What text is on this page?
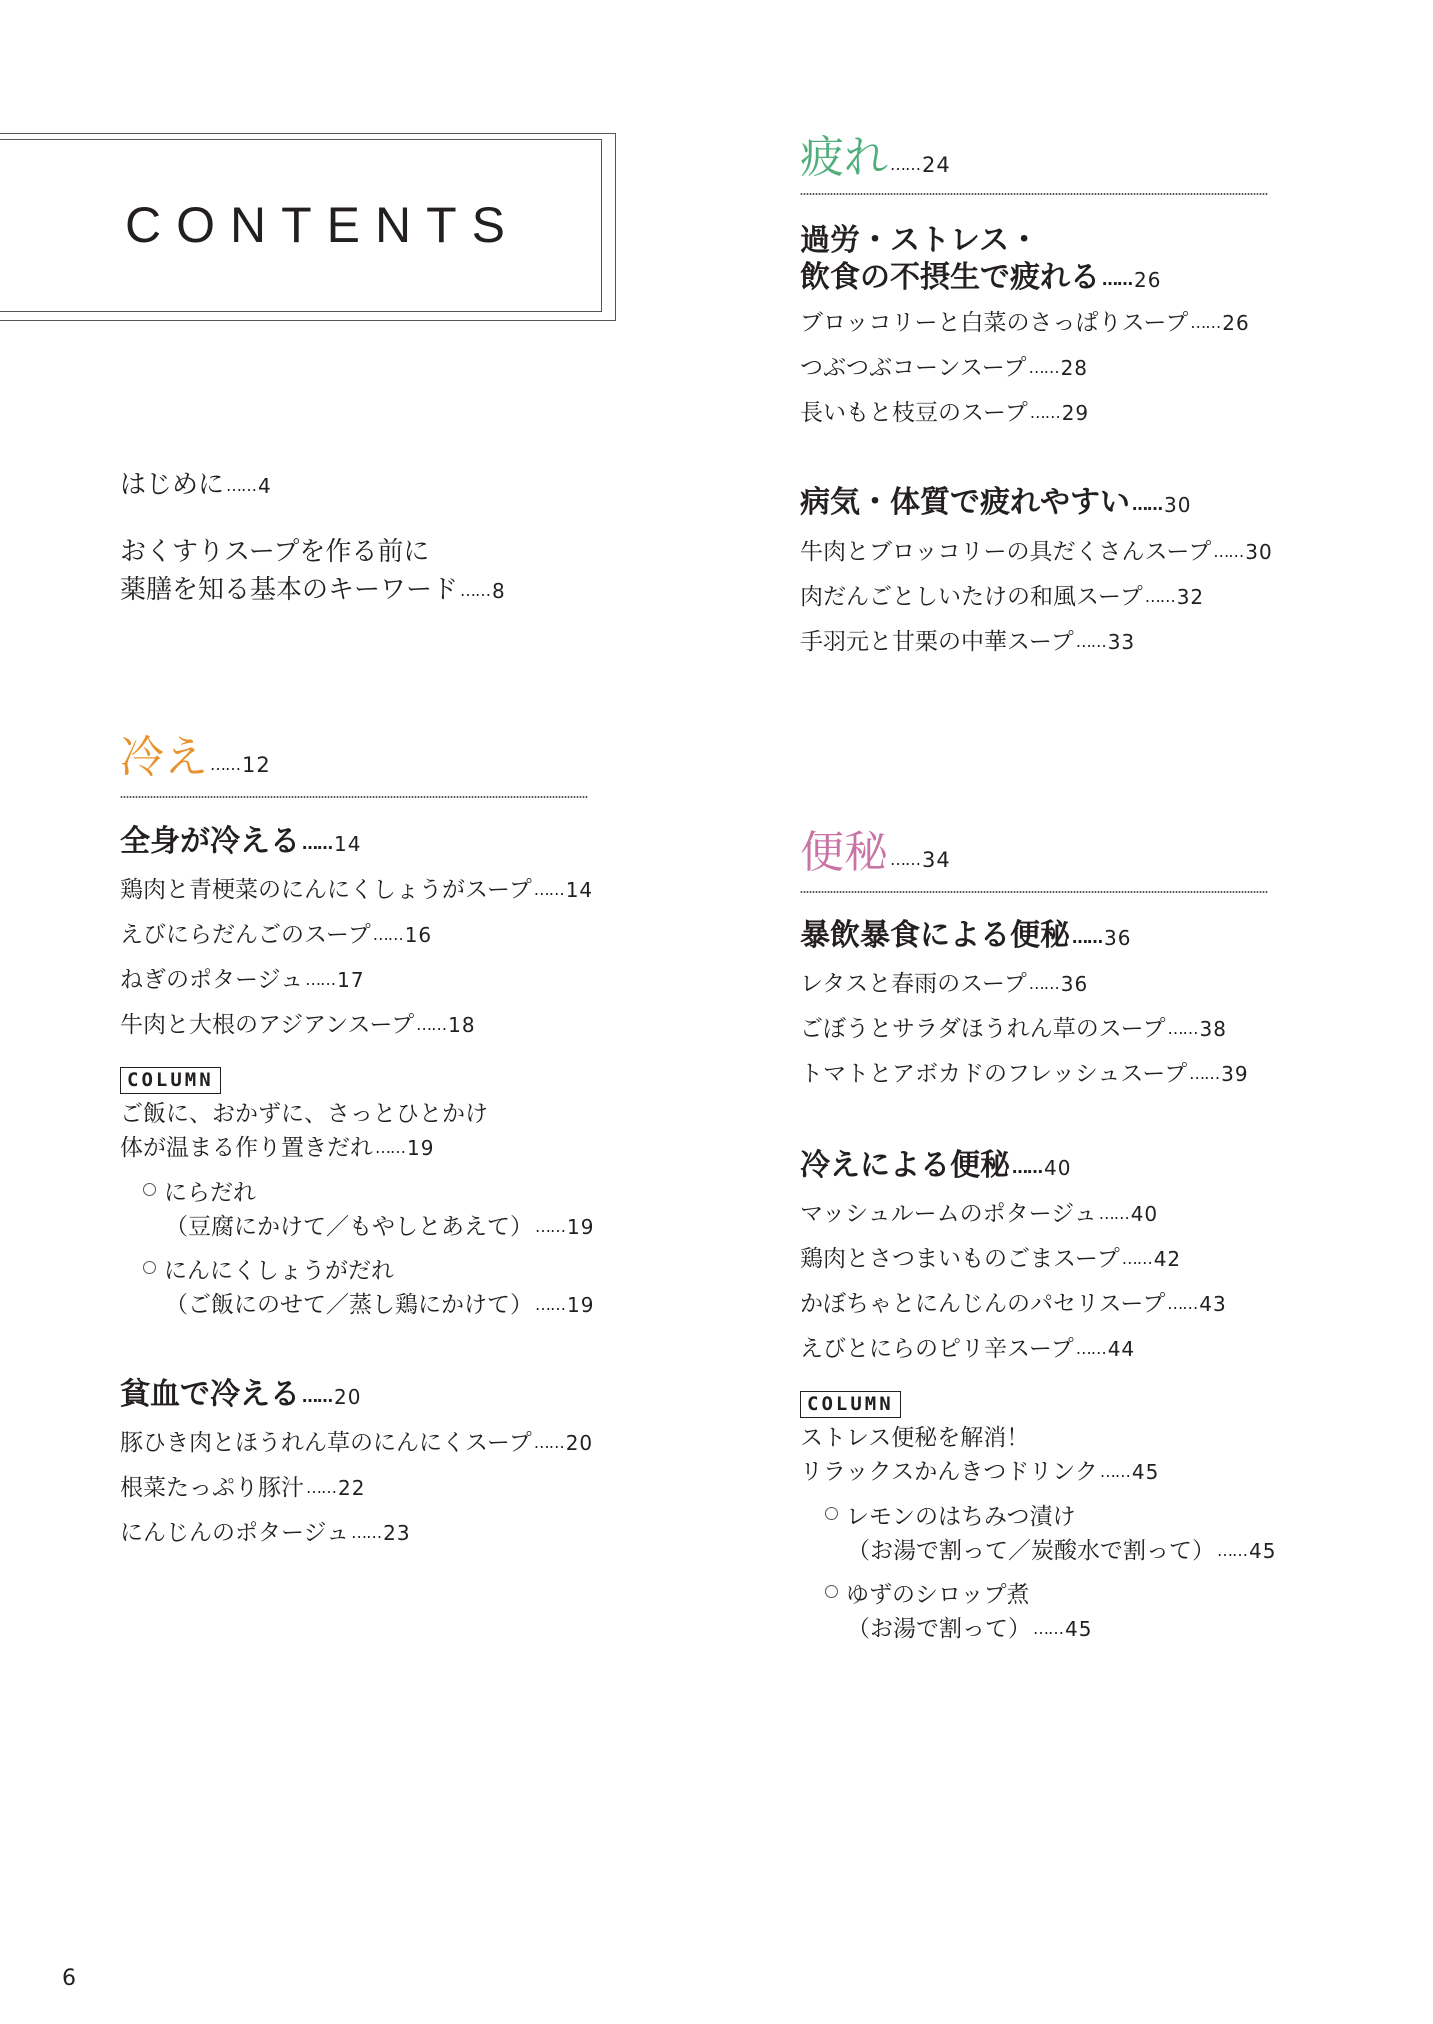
CONTENTS
はじめに …… 4
おくすりスープを作る前に
薬膳を知る基本のキーワード …… 8
冷え ……12
全身が冷える …… 14
鶏肉と青梗菜のにんにくしょうがスープ …… 14
えびにらだんごのスープ …… 16
ねぎのポタージュ …… 17
牛肉と大根のアジアンスープ …… 18
COLUMN
ご飯に、おかずに、さっとひとかけ
体が温まる作り置きだれ …… 19
にらだれ
（豆腐にかけて／もやしとあえて） …… 19
にんにくしょうがだれ
（ご飯にのせて／蒸し鶏にかけて） …… 19
貧血で冷える …… 20
豚ひき肉とほうれん草のにんにくスープ …… 20
根菜たっぷり豚汁 …… 22
にんじんのポタージュ …… 23
疲れ ……24
過労・ストレス・
飲食の不摂生で疲れる …… 26
ブロッコリーと白菜のさっぱりスープ …… 26
つぶつぶコーンスープ …… 28
長いもと枝豆のスープ …… 29
病気・体質で疲れやすい …… 30
牛肉とブロッコリーの具だくさんスープ …… 30
肉だんごとしいたけの和風スープ …… 32
手羽元と甘栗の中華スープ …… 33
便秘 ……34
暴飲暴食による便秘 …… 36
レタスと春雨のスープ …… 36
ごぼうとサラダほうれん草のスープ …… 38
トマトとアボカドのフレッシュスープ …… 39
冷えによる便秘 …… 40
マッシュルームのポタージュ …… 40
鶏肉とさつまいものごまスープ …… 42
かぼちゃとにんじんのパセリスープ …… 43
えびとにらのピリ辛スープ …… 44
COLUMN
ストレス便秘を解消！
リラックスかんきつドリンク …… 45
レモンのはちみつ漬け
（お湯で割って／炭酸水で割って） …… 45
ゆずのシロップ煮
（お湯で割って） …… 45
6
